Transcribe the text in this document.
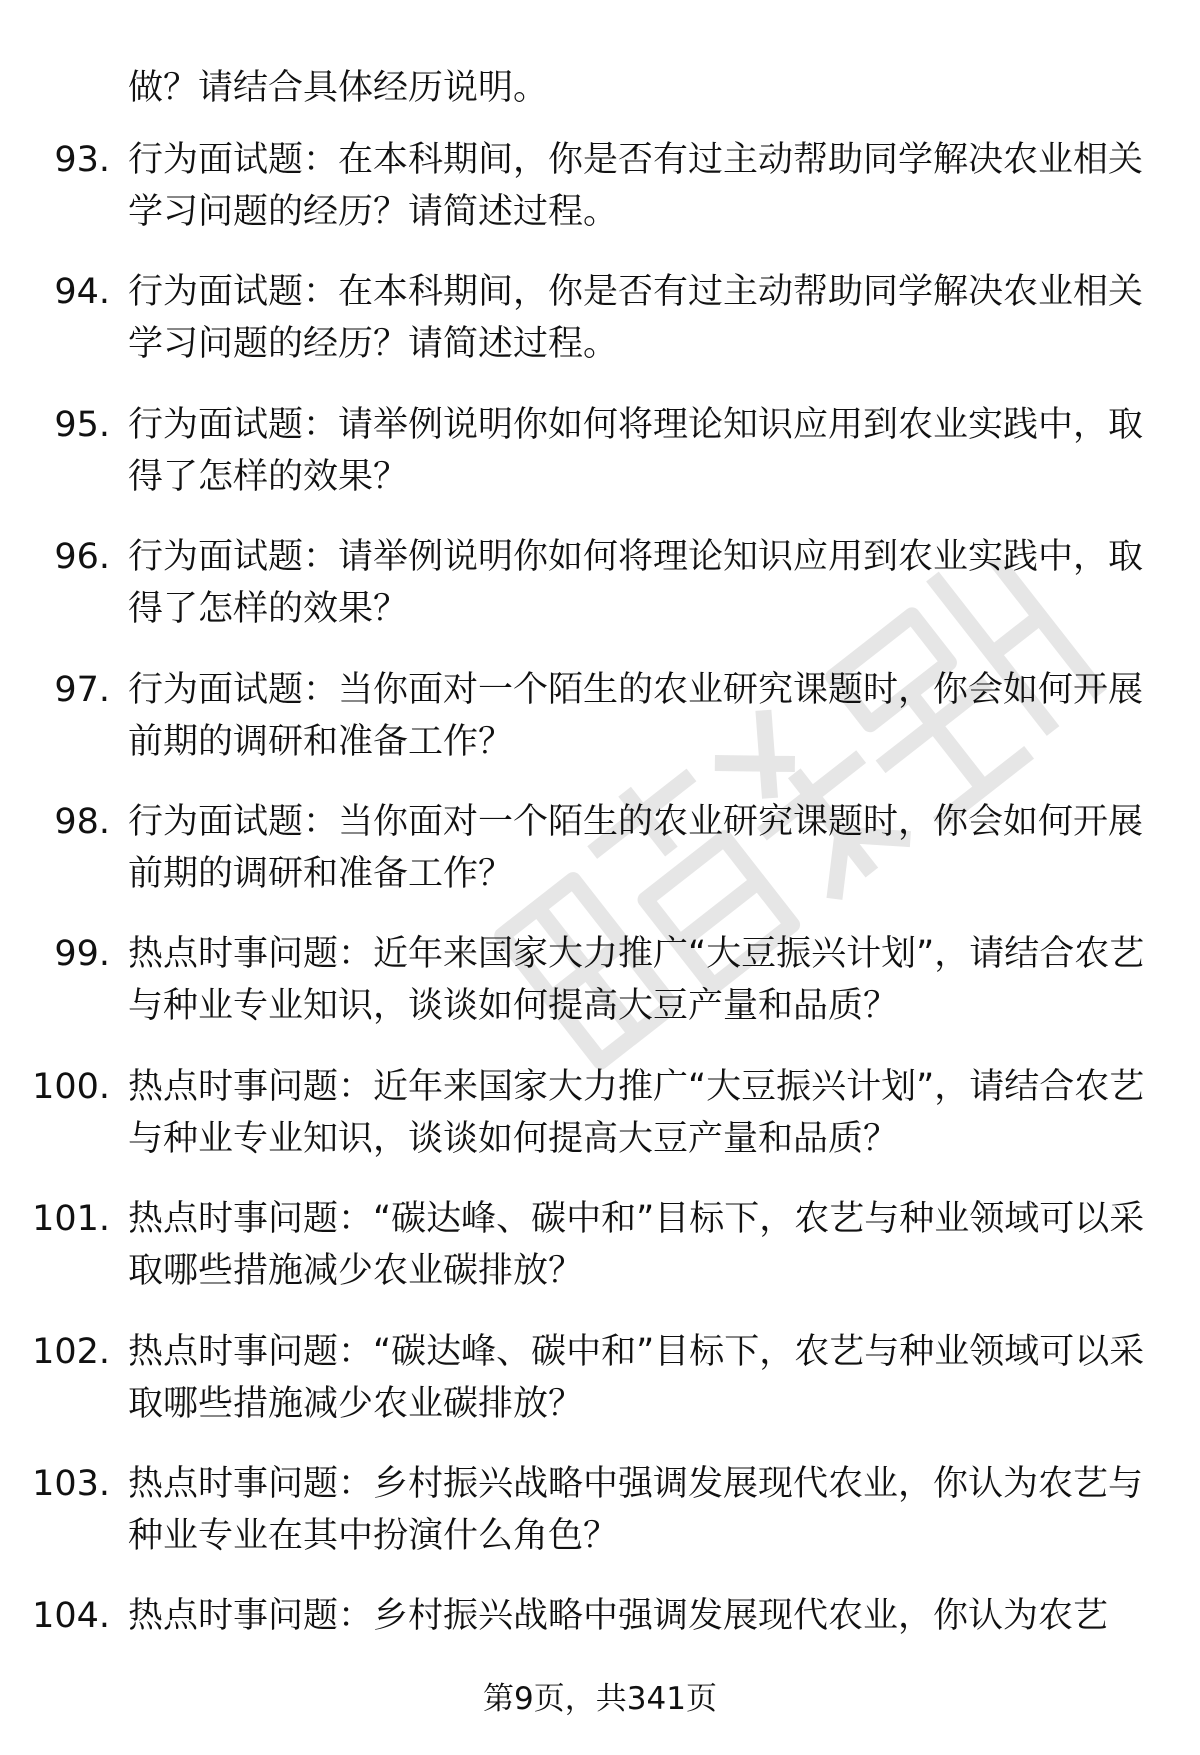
做？请结合具体经历说明。
93. 行为面试题：在本科期间，你是否有过主动帮助同学解决农业相关学习问题的经历？请简述过程。
94. 行为面试题：在本科期间，你是否有过主动帮助同学解决农业相关学习问题的经历？请简述过程。
95. 行为面试题：请举例说明你如何将理论知识应用到农业实践中，取得了怎样的效果？
96. 行为面试题：请举例说明你如何将理论知识应用到农业实践中，取得了怎样的效果？
97. 行为面试题：当你面对一个陌生的农业研究课题时，你会如何开展前期的调研和准备工作？
98. 行为面试题：当你面对一个陌生的农业研究课题时，你会如何开展前期的调研和准备工作？
99. 热点时事问题：近年来国家大力推广“大豆振兴计划”，请结合农艺与种业专业知识，谈谈如何提高大豆产量和品质？
100. 热点时事问题：近年来国家大力推广“大豆振兴计划”，请结合农艺与种业专业知识，谈谈如何提高大豆产量和品质？
101. 热点时事问题：“碳达峰、碳中和”目标下，农艺与种业领域可以采取哪些措施减少农业碳排放？
102. 热点时事问题：“碳达峰、碳中和”目标下，农艺与种业领域可以采取哪些措施减少农业碳排放？
103. 热点时事问题：乡村振兴战略中强调发展现代农业，你认为农艺与种业专业在其中扮演什么角色？
104. 热点时事问题：乡村振兴战略中强调发展现代农业，你认为农艺
第9页，共341页
